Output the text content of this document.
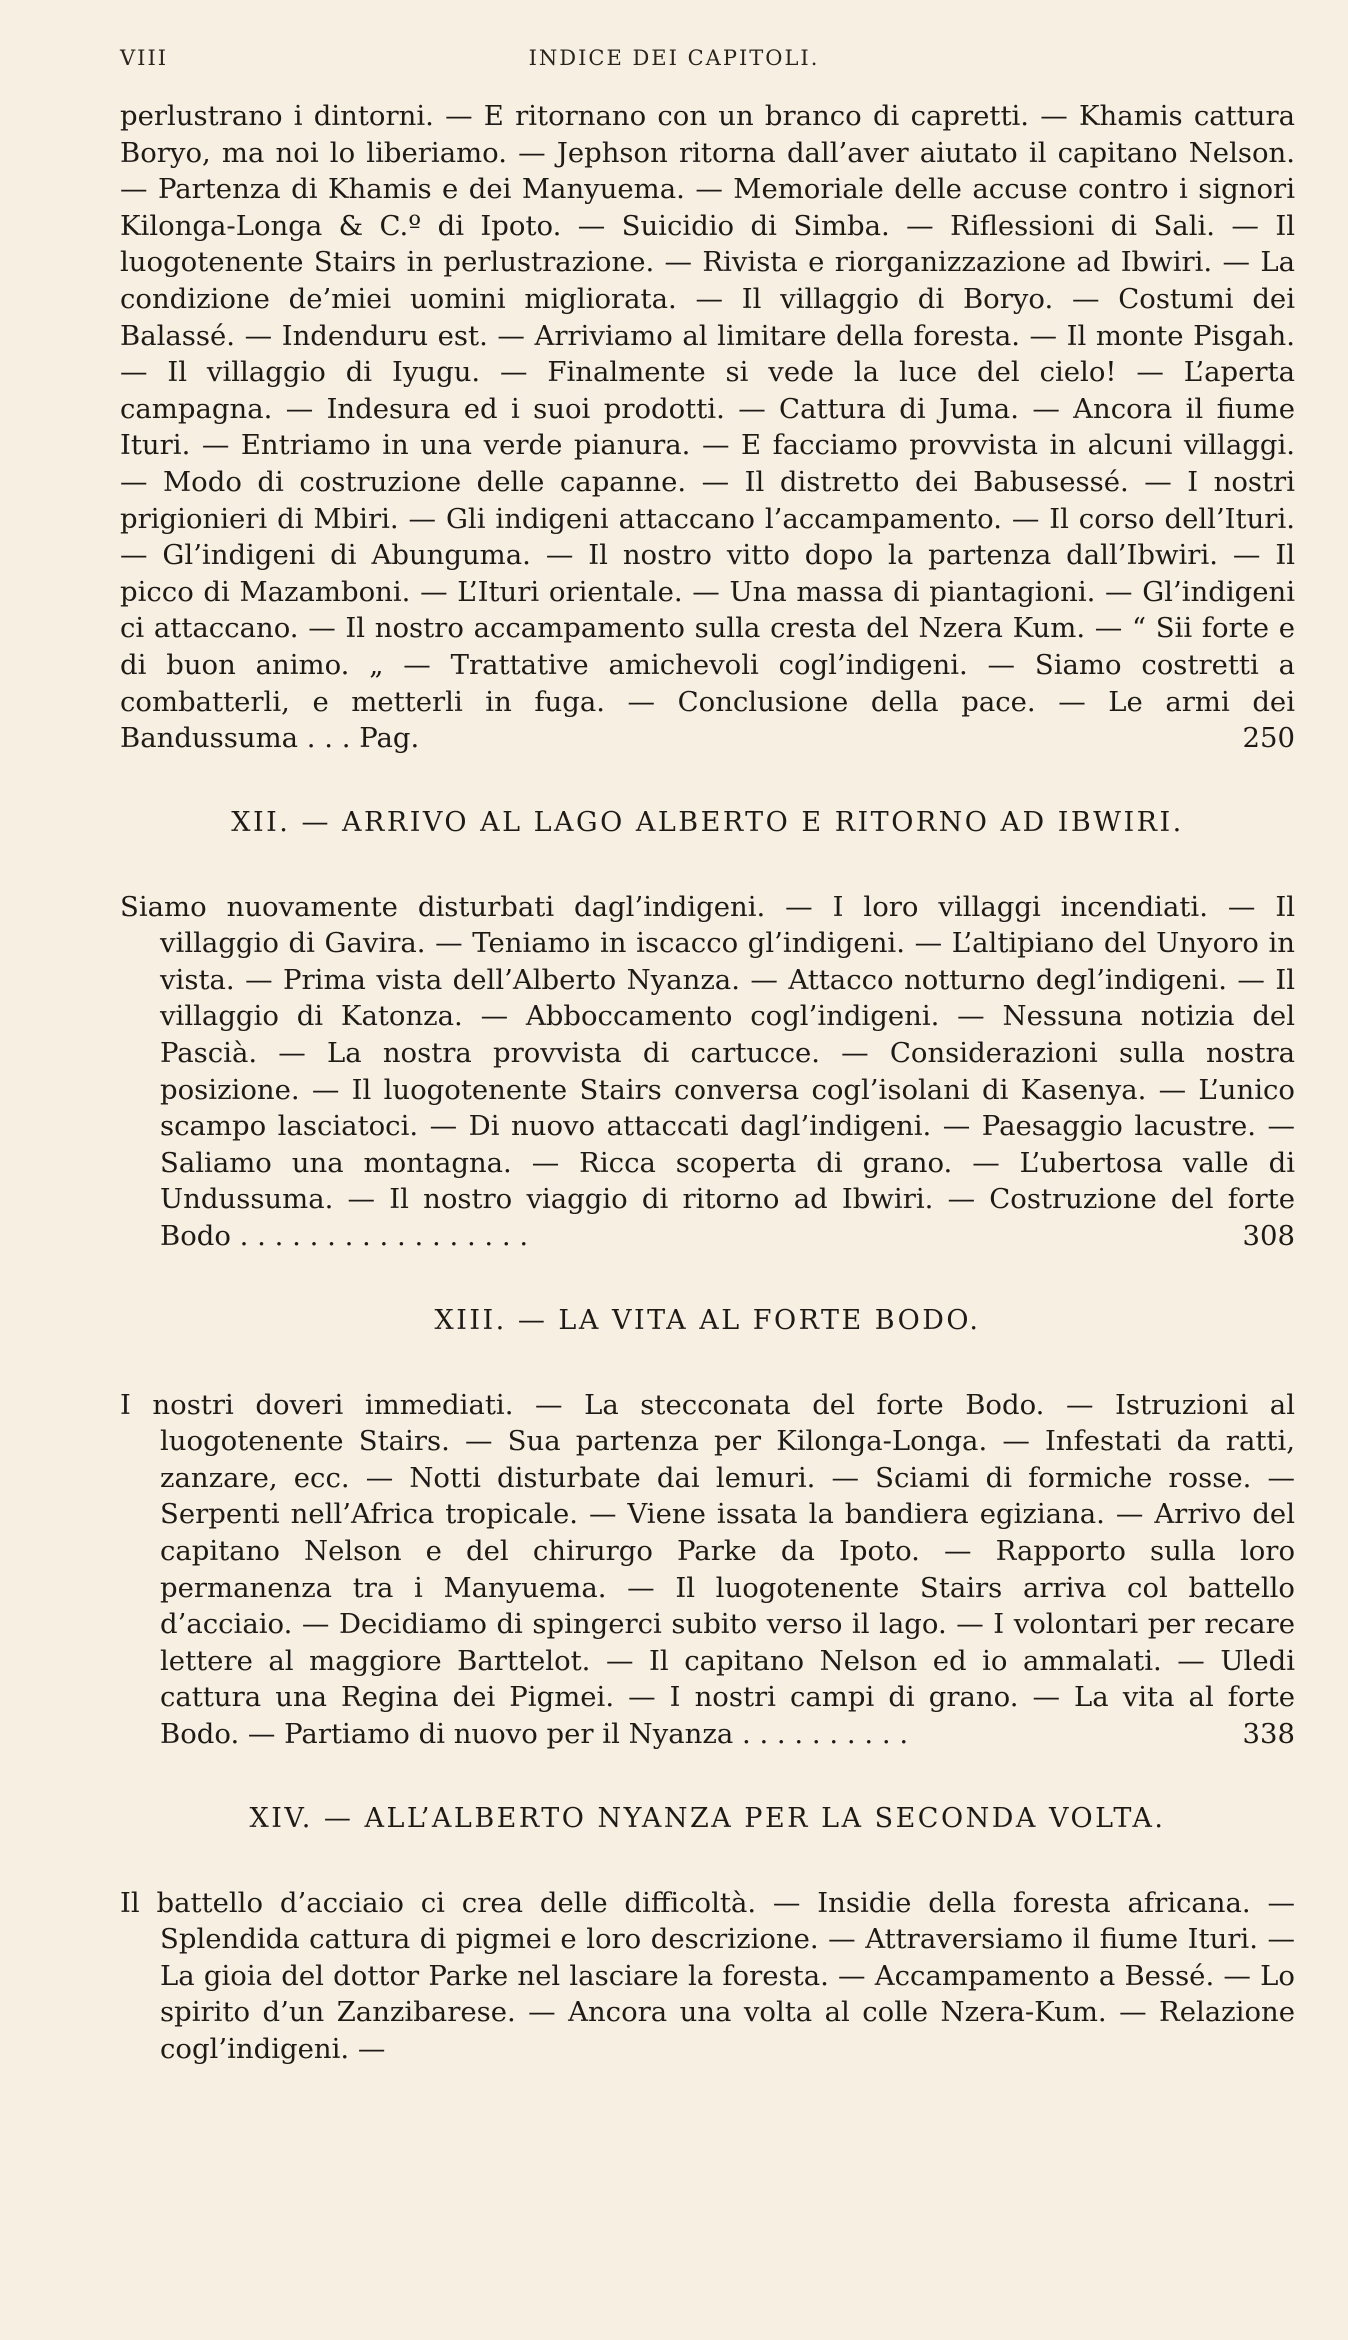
VIII	INDICE DEI CAPITOLI.

perlustrano i dintorni. — E ritornano con un branco di capretti. — Khamis cattura Boryo, ma noi lo liberiamo. — Jephson ritorna dall’aver aiutato il capitano Nelson. — Partenza di Khamis e dei Manyuema. — Memoriale delle accuse contro i signori Kilonga-Longa & C.º di Ipoto. — Suicidio di Simba. — Riflessioni di Sali. — Il luogotenente Stairs in perlustrazione. — Rivista e riorganizzazione ad Ibwiri. — La condizione de’miei uomini migliorata. — Il villaggio di Boryo. — Costumi dei Balassé. — Indenduru est. — Arriviamo al limitare della foresta. — Il monte Pisgah. — Il villaggio di Iyugu. — Finalmente si vede la luce del cielo! — L’aperta campagna. — Indesura ed i suoi prodotti. — Cattura di Juma. — Ancora il fiume Ituri. — Entriamo in una verde pianura. — E facciamo provvista in alcuni villaggi. — Modo di costruzione delle capanne. — Il distretto dei Babusessé. — I nostri prigionieri di Mbiri. — Gli indigeni attaccano l’accampamento. — Il corso dell’Ituri. — Gl’indigeni di Abunguma. — Il nostro vitto dopo la partenza dall’Ibwiri. — Il picco di Mazamboni. — L’Ituri orientale. — Una massa di piantagioni. — Gl’indigeni ci attaccano. — Il nostro accampamento sulla cresta del Nzera Kum. — “ Sii forte e di buon animo. „ — Trattative amichevoli cogl’indigeni. — Siamo costretti a combatterli, e metterli in fuga. — Conclusione della pace. — Le armi dei Bandussuma . . . Pag.	250

XII. — ARRIVO AL LAGO ALBERTO E RITORNO AD IBWIRI.

Siamo nuovamente disturbati dagl’indigeni. — I loro villaggi incendiati. — Il villaggio di Gavira. — Teniamo in iscacco gl’indigeni. — L’altipiano del Unyoro in vista. — Prima vista dell’Alberto Nyanza. — Attacco notturno degl’indigeni. — Il villaggio di Katonza. — Abboccamento cogl’indigeni. — Nessuna notizia del Pascià. — La nostra provvista di cartucce. — Considerazioni sulla nostra posizione. — Il luogotenente Stairs conversa cogl’isolani di Kasenya. — L’unico scampo lasciatoci. — Di nuovo attaccati dagl’indigeni. — Paesaggio lacustre. — Saliamo una montagna. — Ricca scoperta di grano. — L’ubertosa valle di Undussuma. — Il nostro viaggio di ritorno ad Ibwiri. — Costruzione del forte Bodo . . . . . . . . . . . . . . . . .	308

XIII. — LA VITA AL FORTE BODO.

I nostri doveri immediati. — La stecconata del forte Bodo. — Istruzioni al luogotenente Stairs. — Sua partenza per Kilonga-Longa. — Infestati da ratti, zanzare, ecc. — Notti disturbate dai lemuri. — Sciami di formiche rosse. — Serpenti nell’Africa tropicale. — Viene issata la bandiera egiziana. — Arrivo del capitano Nelson e del chirurgo Parke da Ipoto. — Rapporto sulla loro permanenza tra i Manyuema. — Il luogotenente Stairs arriva col battello d’acciaio. — Decidiamo di spingerci subito verso il lago. — I volontari per recare lettere al maggiore Barttelot. — Il capitano Nelson ed io ammalati. — Uledi cattura una Regina dei Pigmei. — I nostri campi di grano. — La vita al forte Bodo. — Partiamo di nuovo per il Nyanza . . . . . . . . . .	338

XIV. — ALL’ALBERTO NYANZA PER LA SECONDA VOLTA.

Il battello d’acciaio ci crea delle difficoltà. — Insidie della foresta africana. — Splendida cattura di pigmei e loro descrizione. — Attraversiamo il fiume Ituri. — La gioia del dottor Parke nel lasciare la foresta. — Accampamento a Bessé. — Lo spirito d’un Zanzibarese. — Ancora una volta al colle Nzera-Kum. — Relazione cogl’indigeni. —
